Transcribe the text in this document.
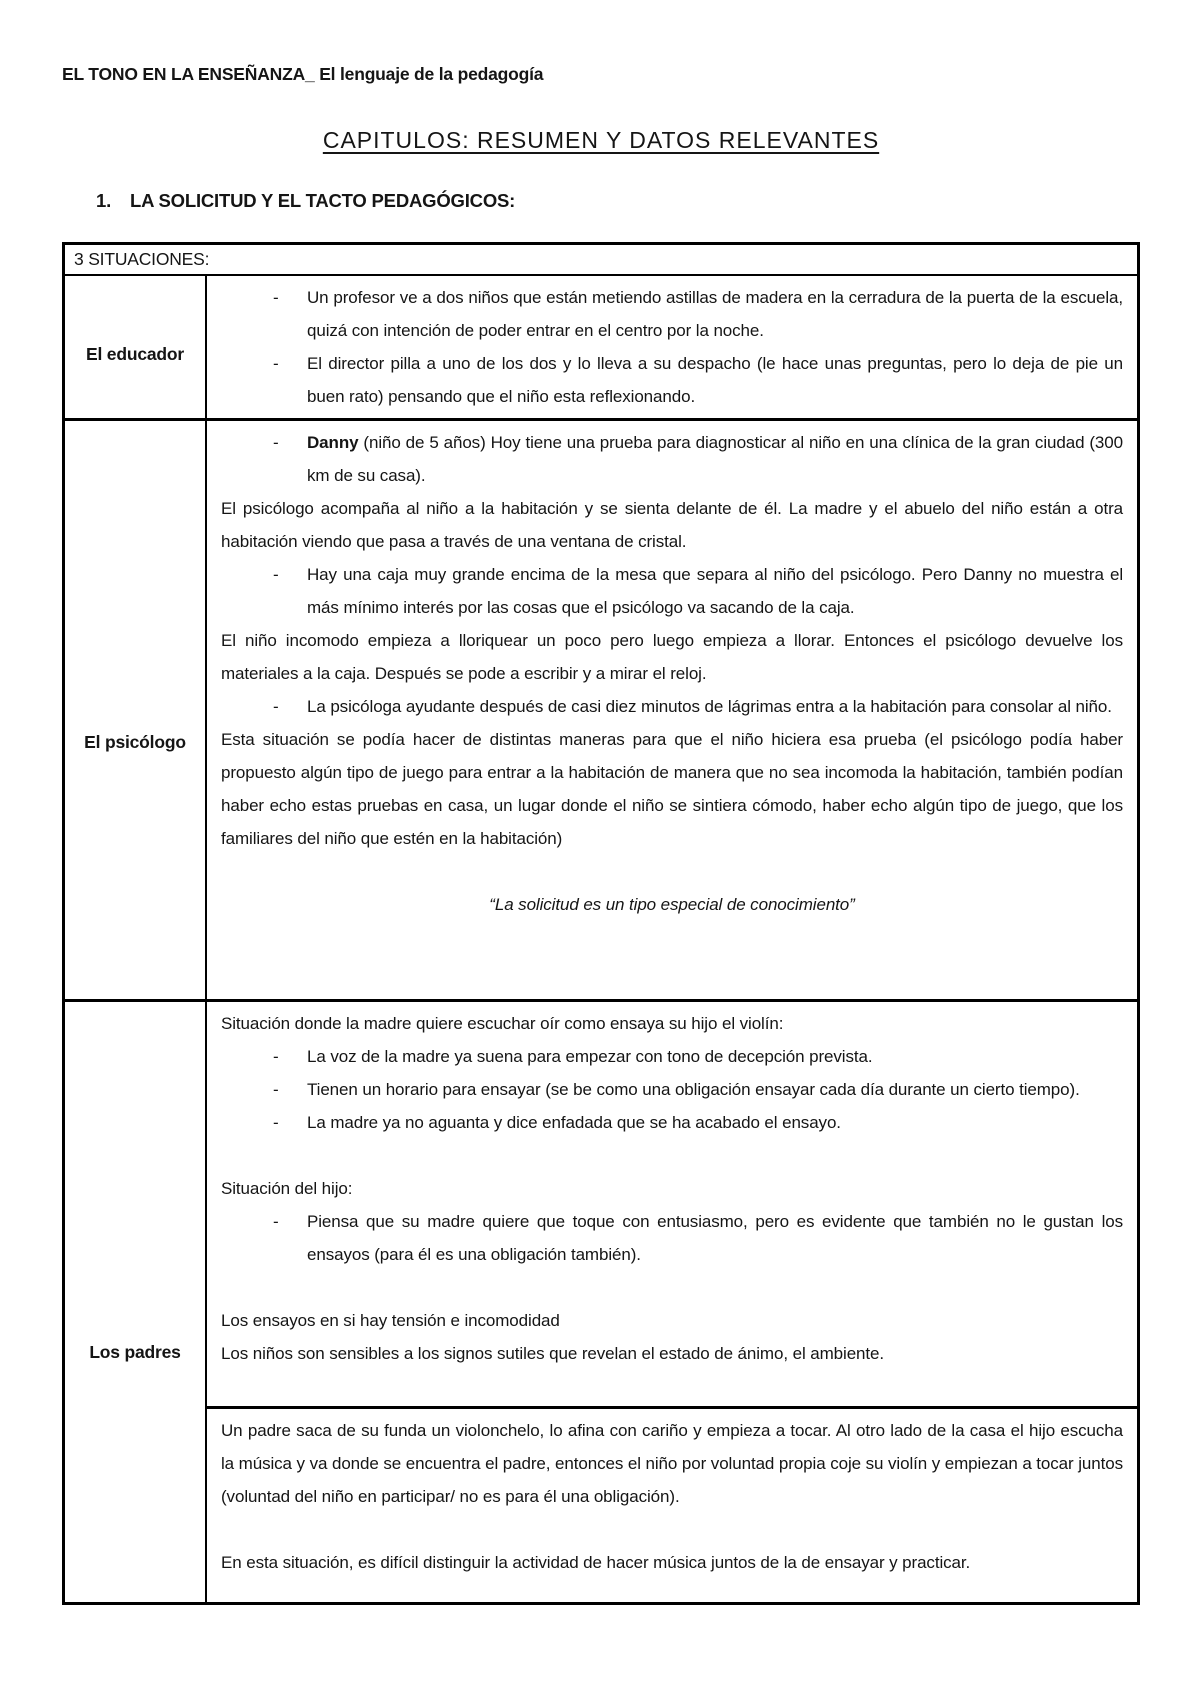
EL TONO EN LA ENSEÑANZA_ El lenguaje de la pedagogía
CAPITULOS: RESUMEN Y DATOS RELEVANTES
1. LA SOLICITUD Y EL TACTO PEDAGÓGICOS:
3 SITUACIONES:
El educador
- Un profesor ve a dos niños que están metiendo astillas de madera en la cerradura de la puerta de la escuela, quizá con intención de poder entrar en el centro por la noche.
- El director pilla a uno de los dos y lo lleva a su despacho (le hace unas preguntas, pero lo deja de pie un buen rato) pensando que el niño esta reflexionando.
El psicólogo
- Danny (niño de 5 años) Hoy tiene una prueba para diagnosticar al niño en una clínica de la gran ciudad (300 km de su casa).
El psicólogo acompaña al niño a la habitación y se sienta delante de él. La madre y el abuelo del niño están a otra habitación viendo que pasa a través de una ventana de cristal.
- Hay una caja muy grande encima de la mesa que separa al niño del psicólogo. Pero Danny no muestra el más mínimo interés por las cosas que el psicólogo va sacando de la caja.
El niño incomodo empieza a lloriquear un poco pero luego empieza a llorar. Entonces el psicólogo devuelve los materiales a la caja. Después se pode a escribir y a mirar el reloj.
- La psicóloga ayudante después de casi diez minutos de lágrimas entra a la habitación para consolar al niño.
Esta situación se podía hacer de distintas maneras para que el niño hiciera esa prueba (el psicólogo podía haber propuesto algún tipo de juego para entrar a la habitación de manera que no sea incomoda la habitación, también podían haber echo estas pruebas en casa, un lugar donde el niño se sintiera cómodo, haber echo algún tipo de juego, que los familiares del niño que estén en la habitación)
“La solicitud es un tipo especial de conocimiento”
Los padres
Situación donde la madre quiere escuchar oír como ensaya su hijo el violín:
- La voz de la madre ya suena para empezar con tono de decepción prevista.
- Tienen un horario para ensayar (se be como una obligación ensayar cada día durante un cierto tiempo).
- La madre ya no aguanta y dice enfadada que se ha acabado el ensayo.
Situación del hijo:
- Piensa que su madre quiere que toque con entusiasmo, pero es evidente que también no le gustan los ensayos (para él es una obligación también).
Los ensayos en si hay tensión e incomodidad
Los niños son sensibles a los signos sutiles que revelan el estado de ánimo, el ambiente.
Un padre saca de su funda un violonchelo, lo afina con cariño y empieza a tocar. Al otro lado de la casa el hijo escucha la música y va donde se encuentra el padre, entonces el niño por voluntad propia coje su violín y empiezan a tocar juntos (voluntad del niño en participar/ no es para él una obligación).
En esta situación, es difícil distinguir la actividad de hacer música juntos de la de ensayar y practicar.
